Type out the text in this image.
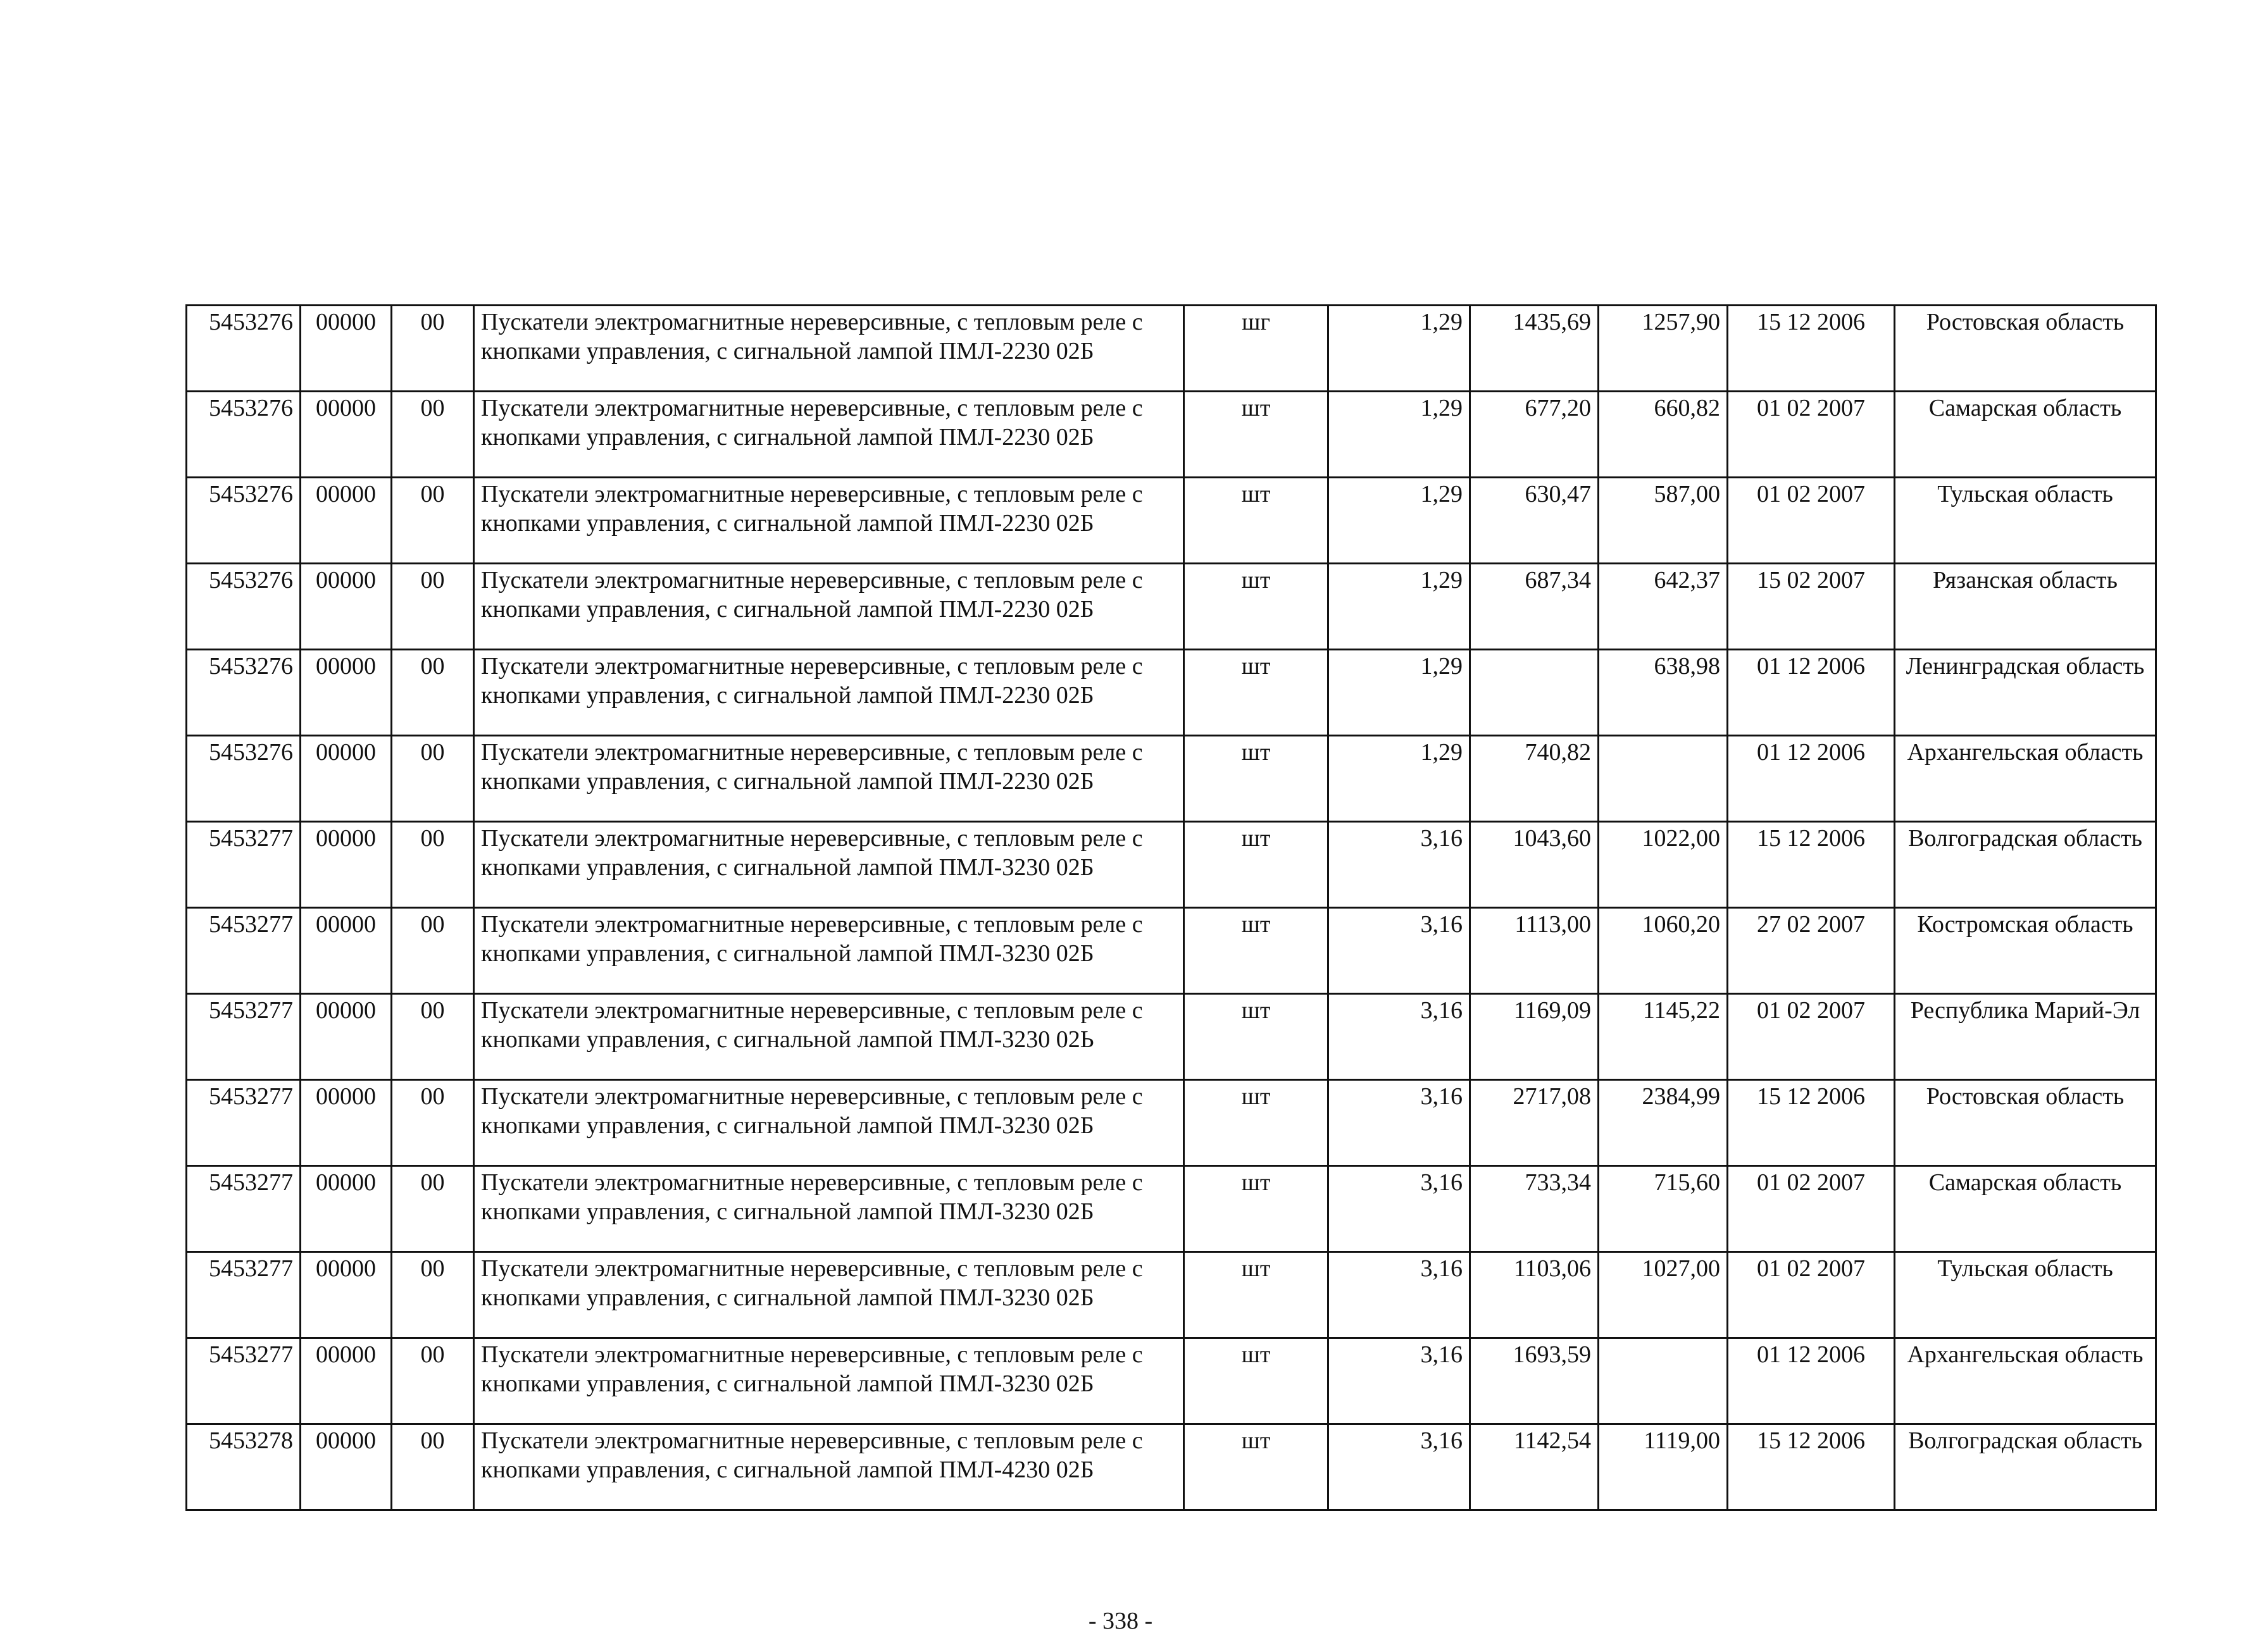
5453276	00000	00	Пускатели электромагнитные нереверсивные, с тепловым реле с кнопками управления, с сигнальной лампой ПМЛ-2230 02Б	шг	1,29	1435,69	1257,90	15 12 2006	Ростовская область
5453276	00000	00	Пускатели электромагнитные нереверсивные, с тепловым реле с кнопками управления, с сигнальной лампой ПМЛ-2230 02Б	шт	1,29	677,20	660,82	01 02 2007	Самарская область
5453276	00000	00	Пускатели электромагнитные нереверсивные, с тепловым реле с кнопками управления, с сигнальной лампой ПМЛ-2230 02Б	шт	1,29	630,47	587,00	01 02 2007	Тульская область
5453276	00000	00	Пускатели электромагнитные нереверсивные, с тепловым реле с кнопками управления, с сигнальной лампой ПМЛ-2230 02Б	шт	1,29	687,34	642,37	15 02 2007	Рязанская область
5453276	00000	00	Пускатели электромагнитные нереверсивные, с тепловым реле с кнопками управления, с сигнальной лампой ПМЛ-2230 02Б	шт	1,29		638,98	01 12 2006	Ленинградская область
5453276	00000	00	Пускатели электромагнитные нереверсивные, с тепловым реле с кнопками управления, с сигнальной лампой ПМЛ-2230 02Б	шт	1,29	740,82		01 12 2006	Архангельская область
5453277	00000	00	Пускатели электромагнитные нереверсивные, с тепловым реле с кнопками управления, с сигнальной лампой ПМЛ-3230 02Б	шт	3,16	1043,60	1022,00	15 12 2006	Волгоградская область
5453277	00000	00	Пускатели электромагнитные нереверсивные, с тепловым реле с кнопками управления, с сигнальной лампой ПМЛ-3230 02Б	шт	3,16	1113,00	1060,20	27 02 2007	Костромская область
5453277	00000	00	Пускатели электромагнитные нереверсивные, с тепловым реле с кнопками управления, с сигнальной лампой ПМЛ-3230 02Ь	шт	3,16	1169,09	1145,22	01 02 2007	Республика Марий-Эл
5453277	00000	00	Пускатели электромагнитные нереверсивные, с тепловым реле с кнопками управления, с сигнальной лампой ПМЛ-3230 02Б	шт	3,16	2717,08	2384,99	15 12 2006	Ростовская область
5453277	00000	00	Пускатели электромагнитные нереверсивные, с тепловым реле с кнопками управления, с сигнальной лампой ПМЛ-3230 02Б	шт	3,16	733,34	715,60	01 02 2007	Самарская область
5453277	00000	00	Пускатели электромагнитные нереверсивные, с тепловым реле с кнопками управления, с сигнальной лампой ПМЛ-3230 02Б	шт	3,16	1103,06	1027,00	01 02 2007	Тульская область
5453277	00000	00	Пускатели электромагнитные нереверсивные, с тепловым реле с кнопками управления, с сигнальной лампой ПМЛ-3230 02Б	шт	3,16	1693,59		01 12 2006	Архангельская область
5453278	00000	00	Пускатели электромагнитные нереверсивные, с тепловым реле с кнопками управления, с сигнальной лампой ПМЛ-4230 02Б	шт	3,16	1142,54	1119,00	15 12 2006	Волгоградская область
- 338 -
